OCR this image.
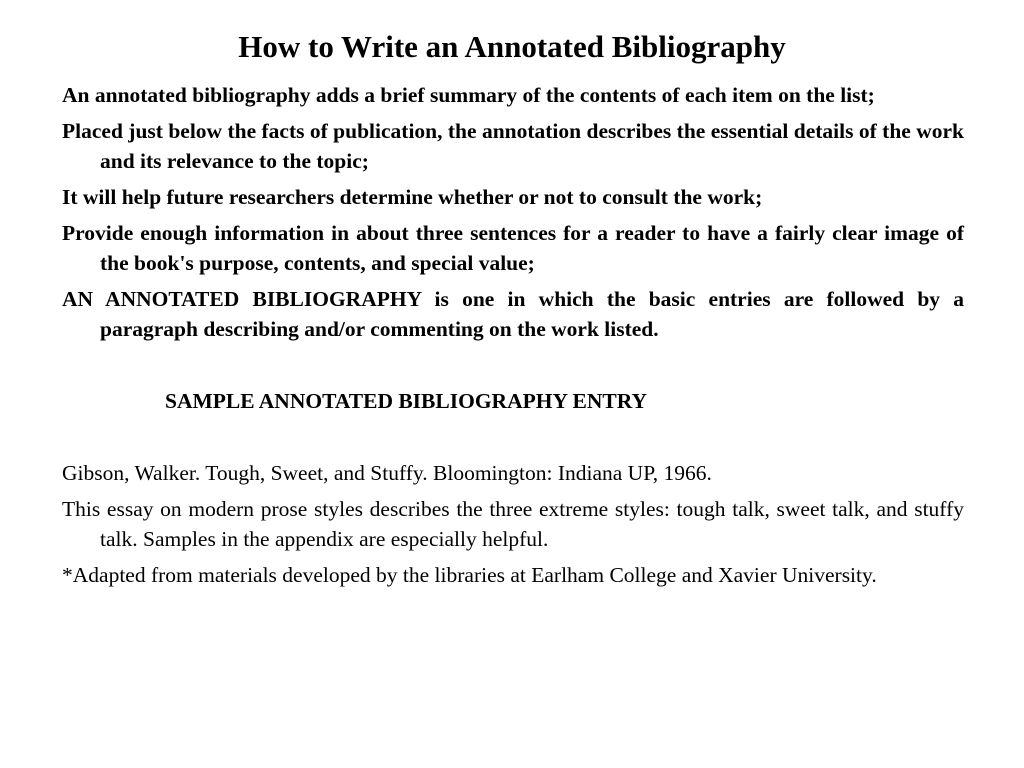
How to Write an Annotated Bibliography

An annotated bibliography adds a brief summary of the contents of each item on the list;

Placed just below the facts of publication, the annotation describes the essential details of the work and its relevance to the topic;

It will help future researchers determine whether or not to consult the work;

Provide enough information in about three sentences for a reader to have a fairly clear image of the book's purpose, contents, and special value;

AN ANNOTATED BIBLIOGRAPHY is one in which the basic entries are followed by a paragraph describing and/or commenting on the work listed.

SAMPLE ANNOTATED BIBLIOGRAPHY ENTRY

Gibson, Walker. Tough, Sweet, and Stuffy. Bloomington: Indiana UP, 1966.

This essay on modern prose styles describes the three extreme styles: tough talk, sweet talk, and stuffy talk. Samples in the appendix are especially helpful.

*Adapted from materials developed by the libraries at Earlham College and Xavier University.
